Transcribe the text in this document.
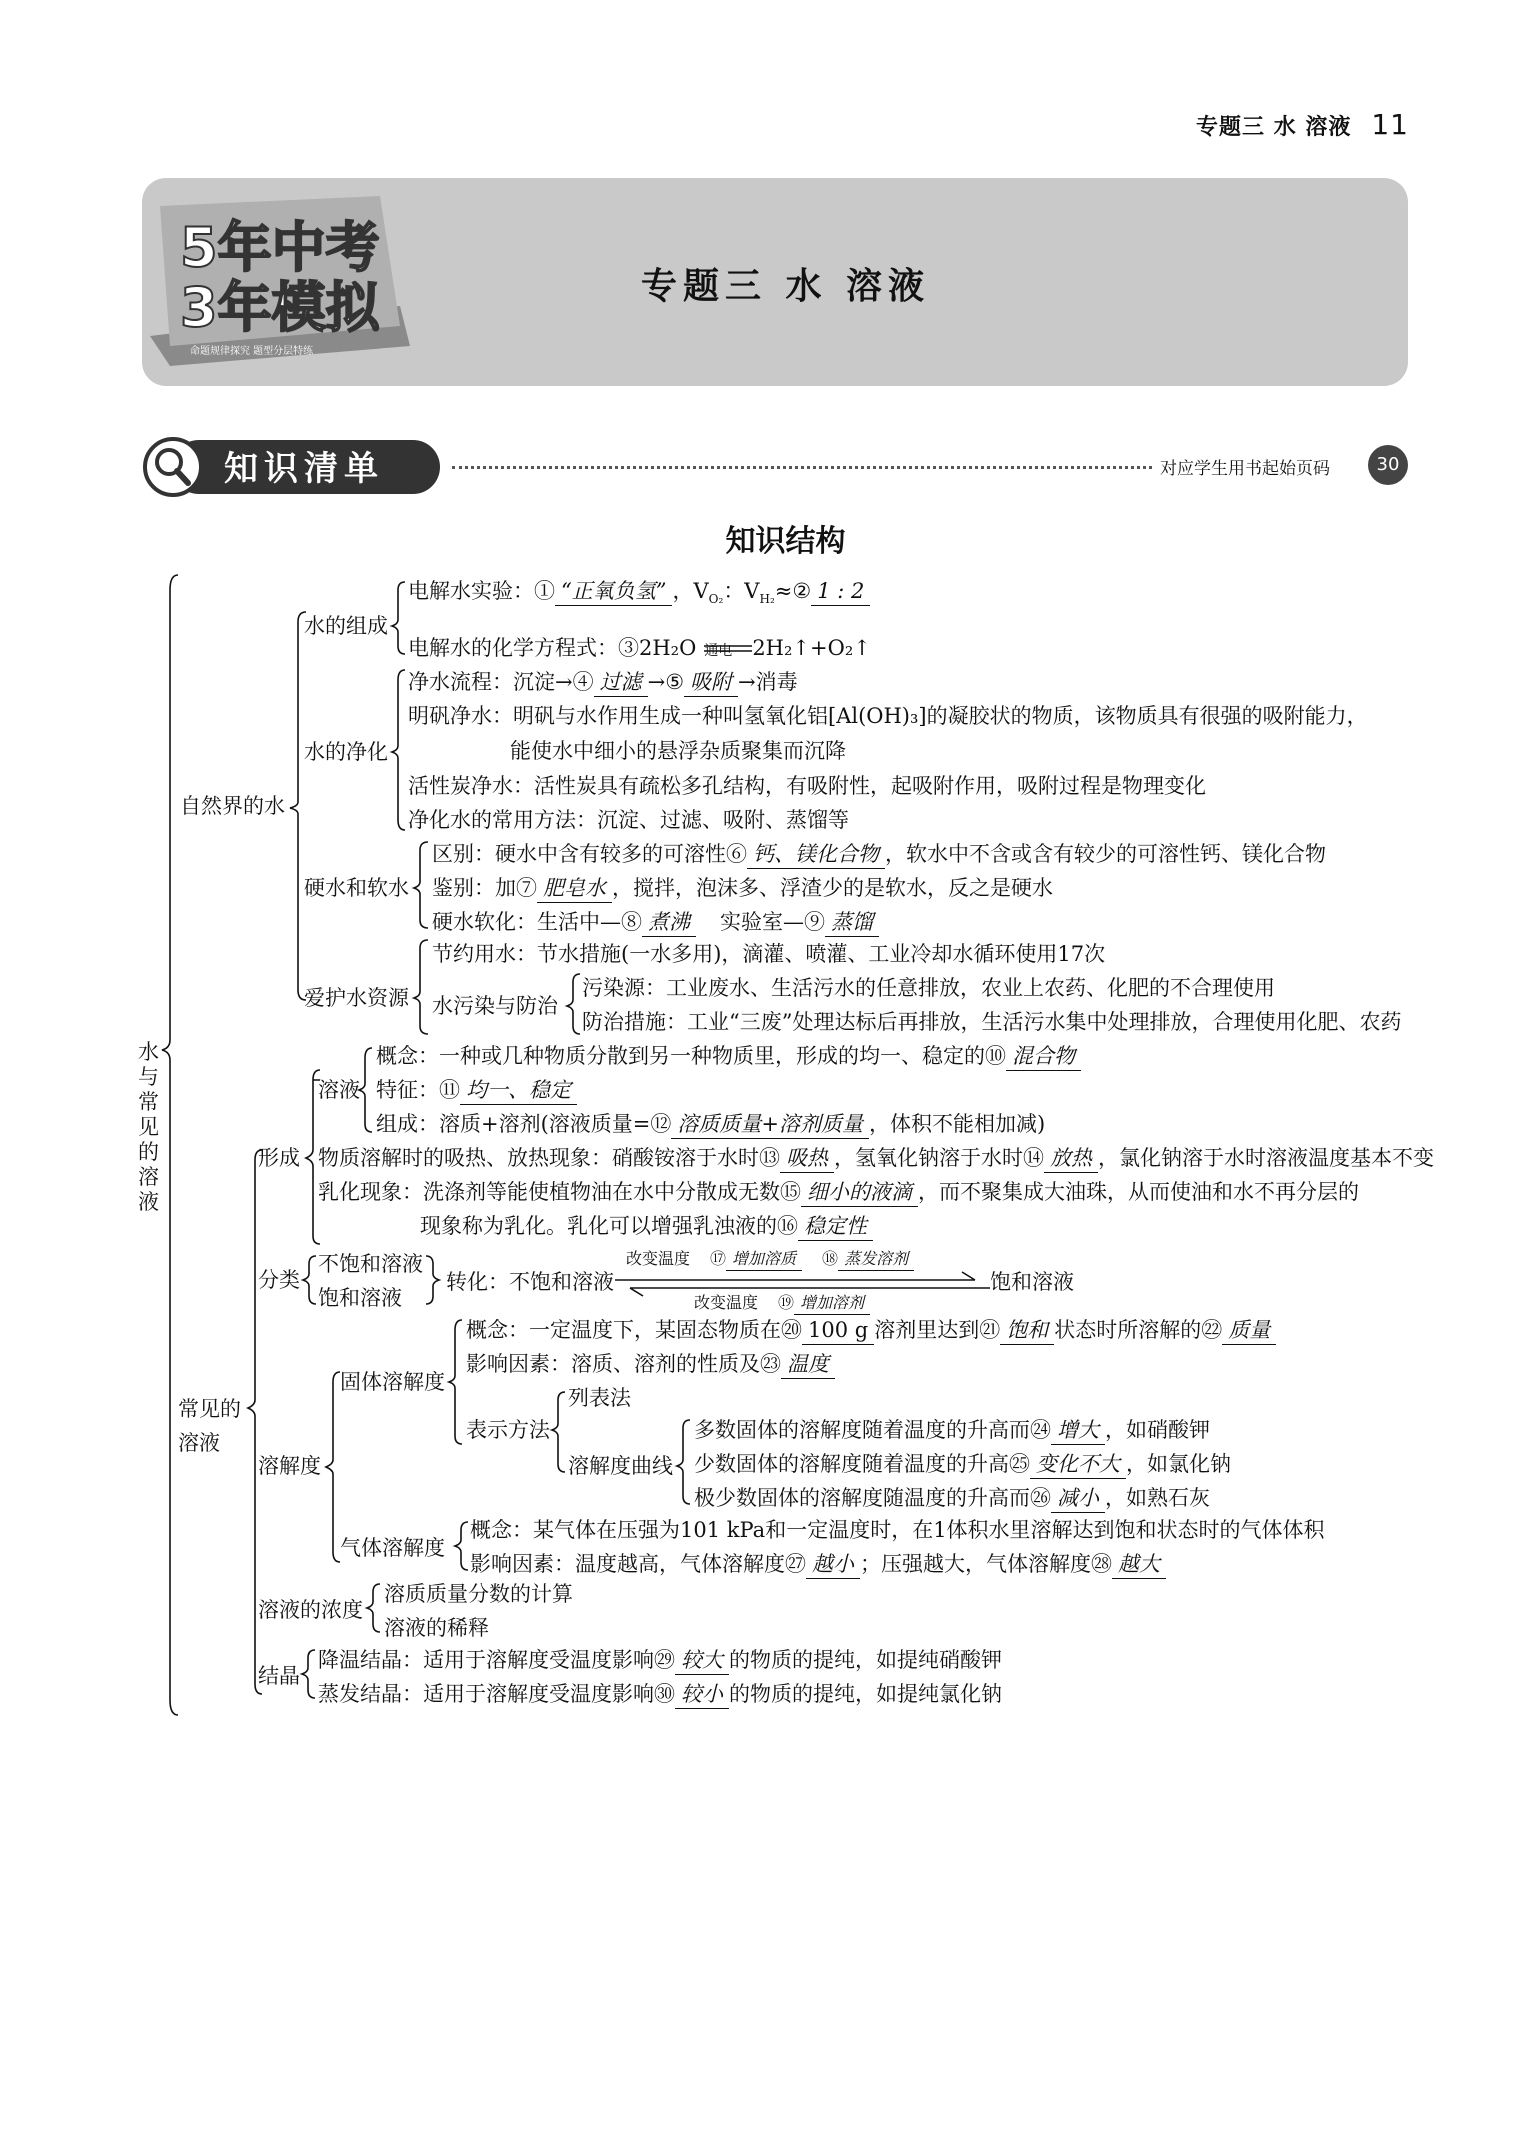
专题三 水 溶液 11
5年中考
3年模拟
命题规律探究 题型分层特练
专题三 水 溶液
知识清单	对应学生用书起始页码	30
知识结构
水与常见的溶液
自然界的水
水的组成
电解水实验：① “正氧负氢” ，$V_{O_2}$：$V_{H_2}\approx ②$ 1 : 2
电解水的化学方程式：③2H₂O 通电 2H₂↑+O₂↑
水的净化
净水流程：沉淀→④ 过滤 →⑤ 吸附 →消毒
明矾净水：明矾与水作用生成一种叫氢氧化铝[Al(OH)₃]的凝胶状的物质，该物质具有很强的吸附能力，
能使水中细小的悬浮杂质聚集而沉降
活性炭净水：活性炭具有疏松多孔结构，有吸附性，起吸附作用，吸附过程是物理变化
净化水的常用方法：沉淀、过滤、吸附、蒸馏等
硬水和软水
区别：硬水中含有较多的可溶性⑥ 钙、镁化合物 ，软水中不含或含有较少的可溶性钙、镁化合物
鉴别：加⑦ 肥皂水 ，搅拌，泡沫多、浮渣少的是软水，反之是硬水
硬水软化：生活中—⑧ 煮沸 实验室—⑨ 蒸馏
爱护水资源
节约用水：节水措施(一水多用)，滴灌、喷灌、工业冷却水循环使用17次
水污染与防治
污染源：工业废水、生活污水的任意排放，农业上农药、化肥的不合理使用
防治措施：工业“三废”处理达标后再排放，生活污水集中处理排放，合理使用化肥、农药
常见的溶液
形成
溶液
概念：一种或几种物质分散到另一种物质里，形成的均一、稳定的⑩ 混合物
特征：⑪ 均一、稳定
组成：溶质+溶剂(溶液质量=⑫ 溶质质量+溶剂质量 ，体积不能相加减)
物质溶解时的吸热、放热现象：硝酸铵溶于水时⑬ 吸热 ，氢氧化钠溶于水时⑭ 放热 ，氯化钠溶于水时溶液温度基本不变
乳化现象：洗涤剂等能使植物油在水中分散成无数⑮ 细小的液滴 ，而不聚集成大油珠，从而使油和水不再分层的
现象称为乳化。乳化可以增强乳浊液的⑯ 稳定性
分类
不饱和溶液
饱和溶液
转化：不饱和溶液	饱和溶液
改变温度 ⑰ 增加溶质 ⑱ 蒸发溶剂
改变温度 ⑲ 增加溶剂
溶解度
固体溶解度
概念：一定温度下，某固态物质在⑳ 100 g 溶剂里达到㉑ 饱和 状态时所溶解的㉒ 质量
影响因素：溶质、溶剂的性质及㉓ 温度
表示方法
列表法
溶解度曲线
多数固体的溶解度随着温度的升高而㉔ 增大 ，如硝酸钾
少数固体的溶解度随着温度的升高㉕ 变化不大 ，如氯化钠
极少数固体的溶解度随温度的升高而㉖ 减小 ，如熟石灰
气体溶解度
概念：某气体在压强为101 kPa和一定温度时，在1体积水里溶解达到饱和状态时的气体体积
影响因素：温度越高，气体溶解度㉗ 越小 ；压强越大，气体溶解度㉘ 越大
溶液的浓度
溶质质量分数的计算
溶液的稀释
结晶
降温结晶：适用于溶解度受温度影响㉙ 较大 的物质的提纯，如提纯硝酸钾
蒸发结晶：适用于溶解度受温度影响㉚ 较小 的物质的提纯，如提纯氯化钠
